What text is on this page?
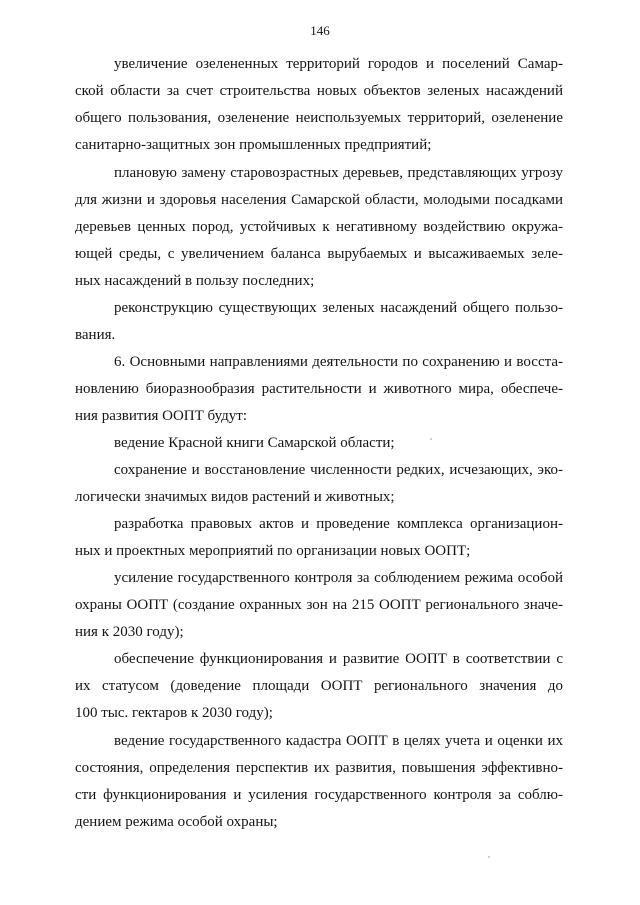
146
увеличение озелененных территорий городов и поселений Самар-
ской области за счет строительства новых объектов зеленых насаждений
общего пользования, озеленение неиспользуемых территорий, озеленение
санитарно-защитных зон промышленных предприятий;
плановую замену старовозрастных деревьев, представляющих угрозу
для жизни и здоровья населения Самарской области, молодыми посадками
деревьев ценных пород, устойчивых к негативному воздействию окружа-
ющей среды, с увеличением баланса вырубаемых и высаживаемых зеле-
ных насаждений в пользу последних;
реконструкцию существующих зеленых насаждений общего пользо-
вания.
6. Основными направлениями деятельности по сохранению и восста-
новлению биоразнообразия растительности и животного мира, обеспече-
ния развития ООПТ будут:
ведение Красной книги Самарской области;
сохранение и восстановление численности редких, исчезающих, эко-
логически значимых видов растений и животных;
разработка правовых актов и проведение комплекса организацион-
ных и проектных мероприятий по организации новых ООПТ;
усиление государственного контроля за соблюдением режима особой
охраны ООПТ (создание охранных зон на 215 ООПТ регионального значе-
ния к 2030 году);
обеспечение функционирования и развитие ООПТ в соответствии с
их статусом (доведение площади ООПТ регионального значения до
100 тыс. гектаров к 2030 году);
ведение государственного кадастра ООПТ в целях учета и оценки их
состояния, определения перспектив их развития, повышения эффективно-
сти функционирования и усиления государственного контроля за соблю-
дением режима особой охраны;
